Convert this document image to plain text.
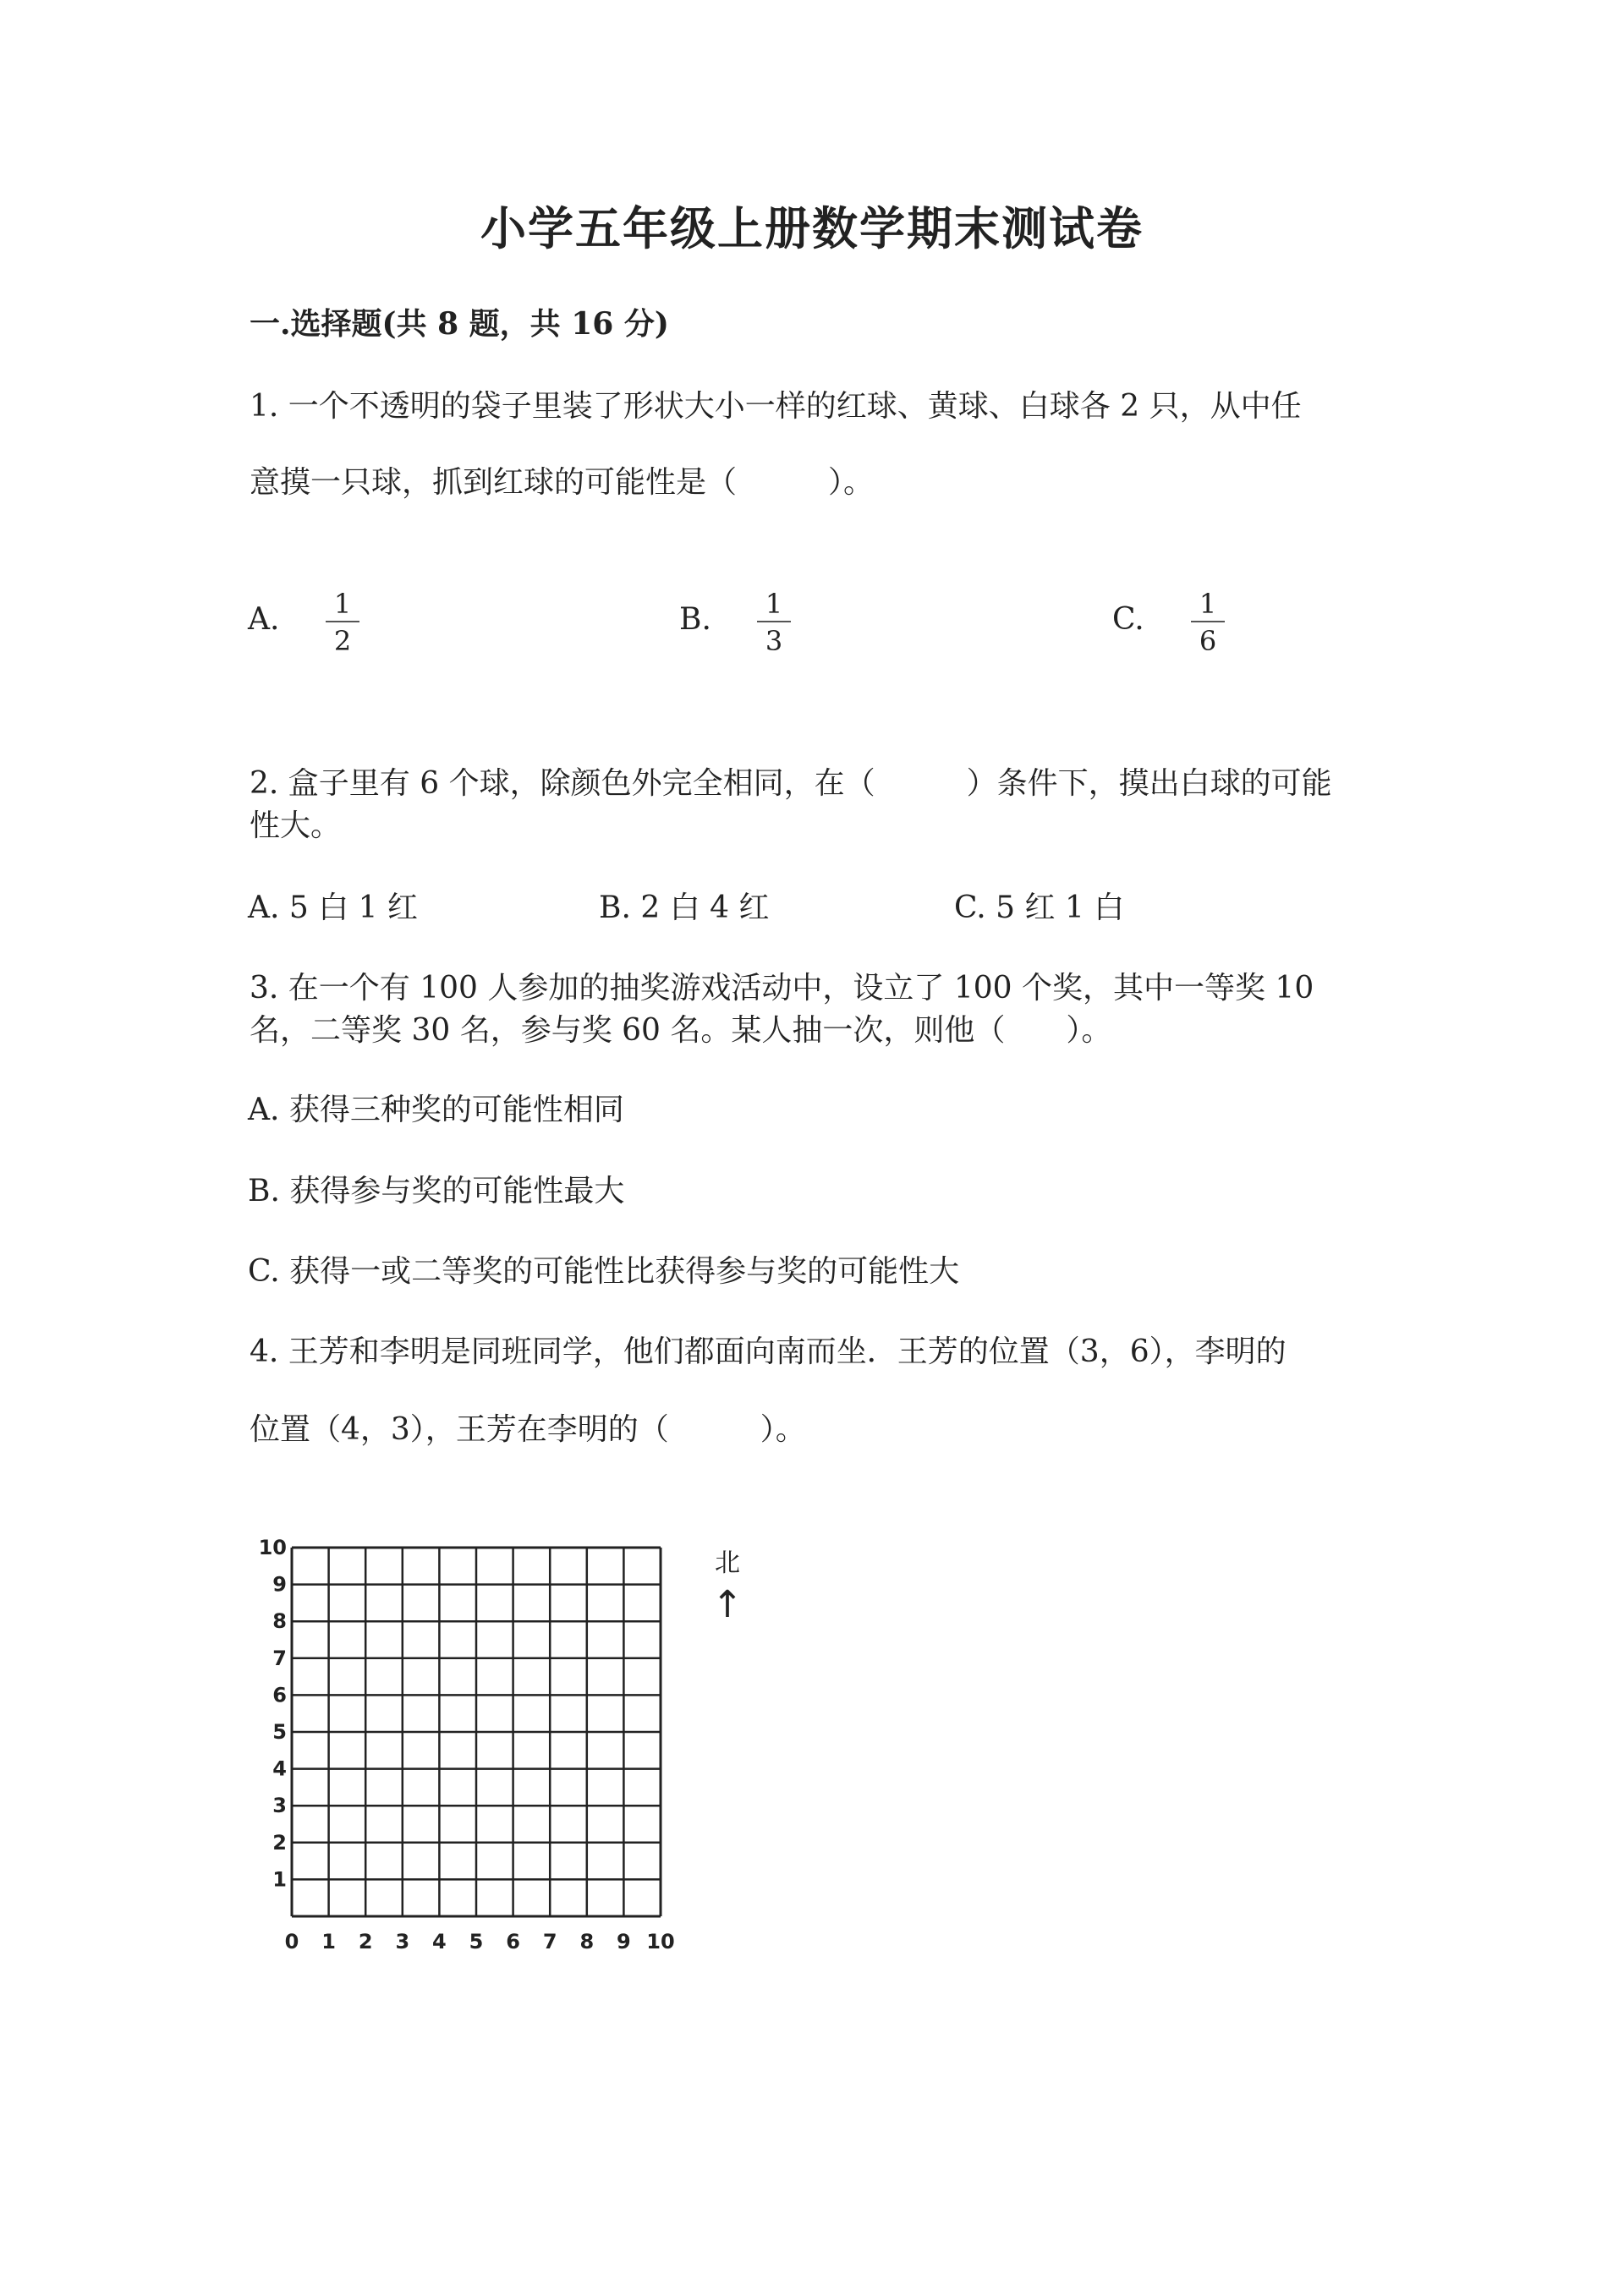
小学五年级上册数学期末测试卷
一.选择题(共 8 题，共 16 分)
1. 一个不透明的袋子里装了形状大小一样的红球、黄球、白球各 2 只，从中任
意摸一只球，抓到红球的可能性是（　　　）。
A.	1
2
B.	1
3
C.	1
6
2. 盒子里有 6 个球，除颜色外完全相同，在（　　　）条件下，摸出白球的可能
性大。
A. 5 白 1 红	B. 2 白 4 红	C. 5 红 1 白
3. 在一个有 100 人参加的抽奖游戏活动中，设立了 100 个奖，其中一等奖 10
名，二等奖 30 名，参与奖 60 名。某人抽一次，则他（　　）。
A. 获得三种奖的可能性相同
B. 获得参与奖的可能性最大
C. 获得一或二等奖的可能性比获得参与奖的可能性大
4. 王芳和李明是同班同学，他们都面向南而坐．王芳的位置（3，6），李明的
位置（4，3），王芳在李明的（　　　）。
0 1 2 3 4 5 6 7 8 9 10
1
2
3
4
5
6
7
8
9
10
北
↑
